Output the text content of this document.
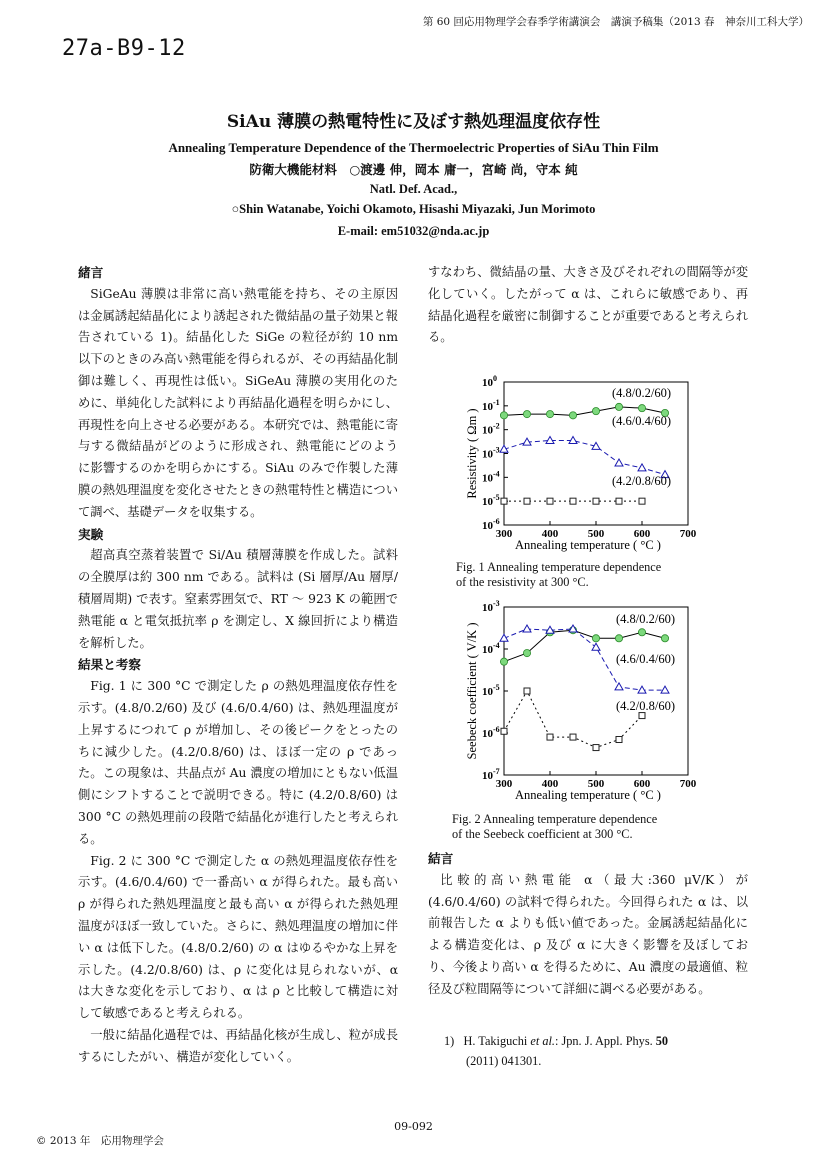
第 60 回応用物理学会春季学術講演会　講演予稿集（2013 春　神奈川工科大学）
27a-B9-12
SiAu 薄膜の熱電特性に及ぼす熱処理温度依存性
Annealing Temperature Dependence of the Thermoelectric Properties of SiAu Thin Film
防衛大機能材料　○渡邊 伸，岡本 庸一，宮崎 尚，守本 純
Natl. Def. Acad.,
○Shin Watanabe, Yoichi Okamoto, Hisashi Miyazaki, Jun Morimoto
E-mail: em51032@nda.ac.jp
緒言

SiGeAu 薄膜は非常に高い熱電能を持ち、その主原因は金属誘起結晶化により誘起された微結晶の量子効果と報告されている 1)。結晶化した SiGe の粒径が約 10 nm 以下のときのみ高い熱電能を得られるが、その再結晶化制御は難しく、再現性は低い。SiGeAu 薄膜の実用化のために、単純化した試料により再結晶化過程を明らかにし、再現性を向上させる必要がある。本研究では、熱電能に寄与する微結晶がどのように形成され、熱電能にどのように影響するのかを明らかにする。SiAu のみで作製した薄膜の熱処理温度を変化させたときの熱電特性と構造について調べ、基礎データを収集する。

実験

超高真空蒸着装置で Si/Au 積層薄膜を作成した。試料の全膜厚は約 300 nm である。試料は (Si 層厚/Au 層厚/積層周期) で表す。窒素雰囲気で、RT ～ 923 K の範囲で熱電能 α と電気抵抗率 ρ を測定し、X 線回折により構造を解析した。

結果と考察

Fig. 1 に 300 °C で測定した ρ の熱処理温度依存性を示す。(4.8/0.2/60) 及び (4.6/0.4/60) は、熱処理温度が上昇するにつれて ρ が増加し、その後ピークをとったのちに減少した。(4.2/0.8/60) は、ほぼ一定の ρ であった。この現象は、共晶点が Au 濃度の増加にともない低温側にシフトすることで説明できる。特に (4.2/0.8/60) は 300 °C の熱処理前の段階で結晶化が進行したと考えられる。

Fig. 2 に 300 °C で測定した α の熱処理温度依存性を示す。(4.6/0.4/60) で一番高い α が得られた。最も高い ρ が得られた熱処理温度と最も高い α が得られた熱処理温度がほぼ一致していた。さらに、熱処理温度の増加に伴い α は低下した。(4.8/0.2/60) の α はゆるやかな上昇を示した。(4.2/0.8/60) は、ρ に変化は見られないが、α は大きな変化を示しており、α は ρ と比較して構造に対して敏感であると考えられる。

一般に結晶化過程では、再結晶化核が生成し、粒が成長するにしたがい、構造が変化していく。

すなわち、微結晶の量、大きさ及びそれぞれの間隔等が変化していく。したがって α は、これらに敏感であり、再結晶化過程を厳密に制御することが重要であると考えられる。

300	400	500	600	700
$10^{-6}$
$10^{-5}$
$10^{-4}$
$10^{-3}$
$10^{-2}$
$10^{-1}$
$10^0$
Annealing temperature ( °C )
Resistivity ( Ωm )
(4.8/0.2/60)
(4.6/0.4/60)
(4.2/0.8/60)
Fig. 1 Annealing temperature dependence
of the resistivity at 300 °C.
300	400	500	600	700
$10^{-7}$
$10^{-6}$
$10^{-5}$
$10^{-4}$
$10^{-3}$
Annealing temperature ( °C )
Seebeck coefficient ( V/K )
(4.8/0.2/60)
(4.6/0.4/60)
(4.2/0.8/60)
Fig. 2 Annealing temperature dependence
of the Seebeck coefficient at 300 °C.
結言

比較的高い熱電能 α（最大:360 μV/K）が (4.6/0.4/60) の試料で得られた。今回得られた α は、以前報告した α よりも低い値であった。金属誘起結晶化による構造変化は、ρ 及び α に大きく影響を及ぼしており、今後より高い α を得るために、Au 濃度の最適値、粒径及び粒間隔等について詳細に調べる必要がある。

1) H. Takiguchi et al.: Jpn. J. Appl. Phys. 50
(2011) 041301.
09-092
© 2013 年　応用物理学会
